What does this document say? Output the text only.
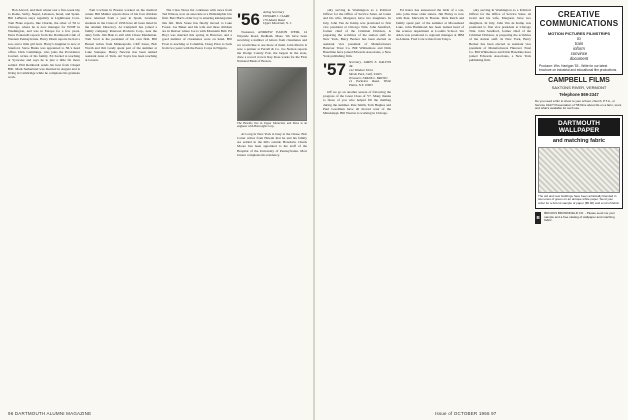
Bob Alvord, and their winter rest a five-week trip to Rome, Sicily, Nepal, Lebanon, Israel, and Spain. Bill LeBaron stays regularly at Lighthouse Cove. Tom Fiske reports, like Charlie, the other of '56 to Chicago, where he is now manager for WNIF in Washington, and was in Europe for a few years. Dave Pontarelli reports from the Dartmouth Club of Western Pennsylvania. Harry Drum reports he had a son, and a little girl born. Harry's daughter is now at Stanford. Steve Bunis was appointed to NL's head office. Dick Cummings, who joins the Providence Journal, writes of his family. Ed Zeckel is teaching at Syracuse and says he is just a little bit more settled. Phil Reinhardt sends his best from Chapel Hill. Mark Sutherland was married in August and is living in Cambridge while he completes his graduate work.

Tom Cochran in Boston worked on the medical center. Bill Mahler reports three of his four children have returned from a year in Spain. Graduate students in the Class of 1956 have all been listed in the Alumni Directory. Al Campbell has joined a family company, Peterson Products Corp., near the dairy farm. Jim Hale is still with Chase Manhattan. Tom Scott is the president of his own firm. Bill Hessel writes from Minneapolis. Cliff Jones, Bob Worth and Jim Grady spent part of the summer at Lake Sunapee. Henry Newton has been named assistant dean of Tuck. Art Sayre has been teaching at Groton.

The Class Notes list continues with news from Ted Wilson, now an associate at a Philadelphia law firm. Bert Hart's older boy is entering kindergarten this fall. Dick Stone has finally moved to Lake Forest. Joe Baker and his wife and three children are in Denver where Joe is with Mountain Bell. Ed Hoyt was married this spring in Hanover, and a good number of classmates were on hand. Bill Frost is teaching at Columbia. Doug Price is back from two years with the Peace Corps in Nigeria.

'56 Acting Secretary
EDWARD J. CLARK
170 Adams Road
Upper Montclair, N. J.

Treasurer, ANDREW EATON WEIR, 14 Wayside Road, Dedham, Mass. We have been receiving a number of letters from classmates and we would like to see more of them. John Morris is now a partner at Ferrell & Co. Joe Nelson reports the Dodge County Fair, the largest in the state, drew a record crowd. Ray Ross works for the First National Bank of Boston.

The Hewitts live in Upper Montclair, and Dave is an engineer with Burroughs Corp.

Al Long in New York is busy at the Chase. Bob Carter writes from Hawaii that he and his family are settled in the hills outside Honolulu. Chuck Moore has been appointed to the staff of the Hospital of the University of Pennsylvania. Mort Glazer completes his residency.

96 DARTMOUTH ALUMNI MAGAZINE

only serving in Washington as a Political Officer for the Office of Service Sales. Al Grant and his wife, Margaret, have two daughters. In July, John Van de Kamp was promoted to first vice president at Chicago Title. John Sandford, former chief of the Criminal Division, is preparing the activities of the station staff. In New York, Barry Becker has been elected as assistant vice president of Manufacturers Hanover Trust Co. Bill Whittemore and Dick Hazeltine have joined Edwards Associates, a New York publishing firm.

'57 Secretary, JAMES E. DALTON JR.
142 Windsor Drive
Menlo Park, Calif. 94025
Treasurer, FRANK L. BRUNO
14 Parkview Road, White Plains, N.Y. 10603

Off we go on another season of following the progress of the Great Class of '57. Many thanks to those of you who helped fill the mailbag during the summer. Pete Smith, Tom Hughes and Paul Goodman have all moved west of the Mississippi. Bill Weaver is working in Chicago.

Ed Knox has announced the birth of a son, who joins three older sisters. Jim Finley is now with Peat, Marwick in Boston. Dick Reich and family spent part of the summer at Moosehead Lake. John Hammond has been named head of the science department at Loomis School. Stu Allen was promoted to regional manager at IBM in Atlanta. Fred Cole writes from Tokyo.

only serving in Washington as a Political Officer for the Office of Service Sales. Al Grant and his wife, Margaret, have two daughters. In July, John Van de Kamp was promoted to first vice president at Chicago Title. John Sandford, former chief of the Criminal Division, is preparing the activities of the station staff. In New York, Barry Becker has been elected as assistant vice president of Manufacturers Hanover Trust Co. Bill Whittemore and Dick Hazeltine have joined Edwards Associates, a New York publishing firm.

Issue of OCTOBER 1966 97
CREATIVE COMMUNICATIONS
MOTION PICTURES FILMSTRIPS
to
train
inform
convince
document
Producer: Wm. Harrigan '53 - Write for our latest brochure on industrial and educational film productions.
CAMPBELL FILMS
SAXTONS RIVER, VERMONT
Telephone 869-2347
Do you need a film to show to your school, church, P.T.A., or Service Club? Presentation of '58 films about life on a farm, tours and what's available for such use.
DARTMOUTH WALLPAPER
and matching fabric
The old and new buildings have been artistically blended in two tones of green on an antique white paper. Send your order for a full-cut sample of paper ($5.90) and a roll of fabric.
B
BROOKS BROWNFIELD CO. - Please send me your sample and a free catalog of wallpaper and matching fabric.
